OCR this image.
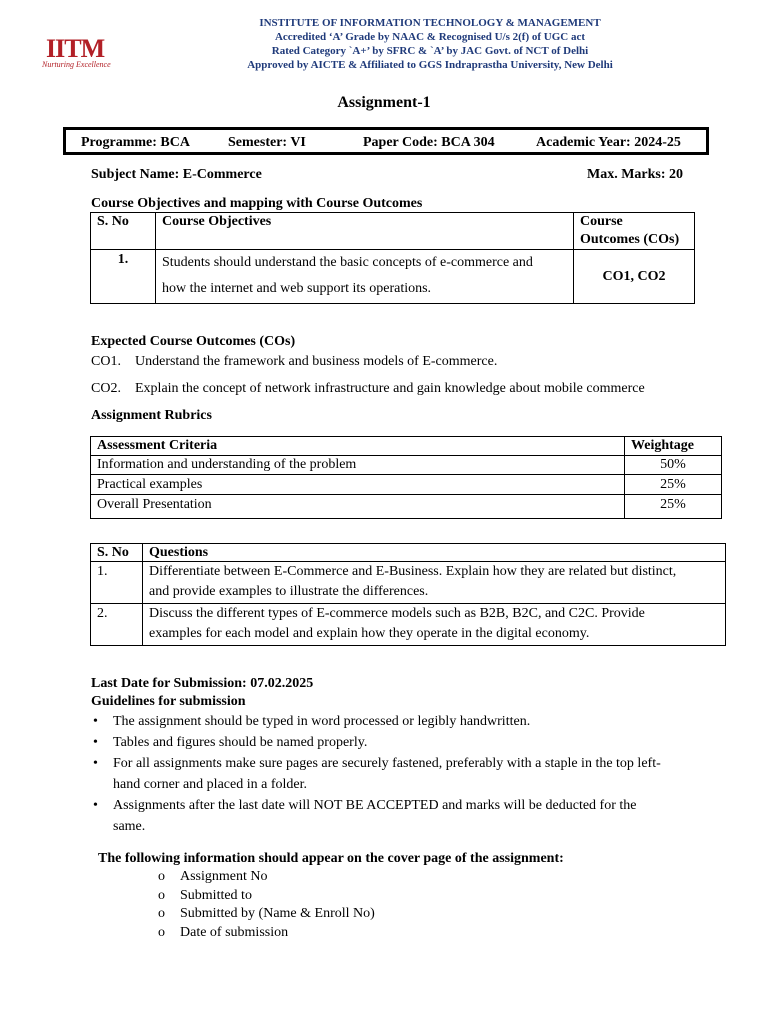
IITM
Nurturing Excellence
INSTITUTE OF INFORMATION TECHNOLOGY & MANAGEMENT
Accredited ‘A’ Grade by NAAC & Recognised U/s 2(f) of UGC act
Rated Category `A+’ by SFRC & `A’ by JAC Govt. of NCT of Delhi
Approved by AICTE & Affiliated to GGS Indraprastha University, New Delhi
Assignment-1
Programme: BCA	Semester: VI	Paper Code: BCA 304	Academic Year: 2024-25
Subject Name: E-Commerce	Max. Marks: 20
Course Objectives and mapping with Course Outcomes
S. No	Course Objectives	Course
Outcomes (COs)

1.	Students should understand the basic concepts of e-commerce and
how the internet and web support its operations.	CO1, CO2
Expected Course Outcomes (COs)
CO1. Understand the framework and business models of E-commerce.
CO2. Explain the concept of network infrastructure and gain knowledge about mobile commerce
Assignment Rubrics
Assessment Criteria	Weightage
Information and understanding of the problem	50%
Practical examples	25%
Overall Presentation	25%
S. No	Questions
1.	Differentiate between E-Commerce and E-Business. Explain how they are related but distinct,
and provide examples to illustrate the differences.

2.	Discuss the different types of E-commerce models such as B2B, B2C, and C2C. Provide
examples for each model and explain how they operate in the digital economy.
Last Date for Submission: 07.02.2025
Guidelines for submission
• The assignment should be typed in word processed or legibly handwritten.
• Tables and figures should be named properly.
• For all assignments make sure pages are securely fastened, preferably with a staple in the top left-
hand corner and placed in a folder.
• Assignments after the last date will NOT BE ACCEPTED and marks will be deducted for the
same.
The following information should appear on the cover page of the assignment:
o Assignment No
o Submitted to
o Submitted by (Name & Enroll No)
o Date of submission
